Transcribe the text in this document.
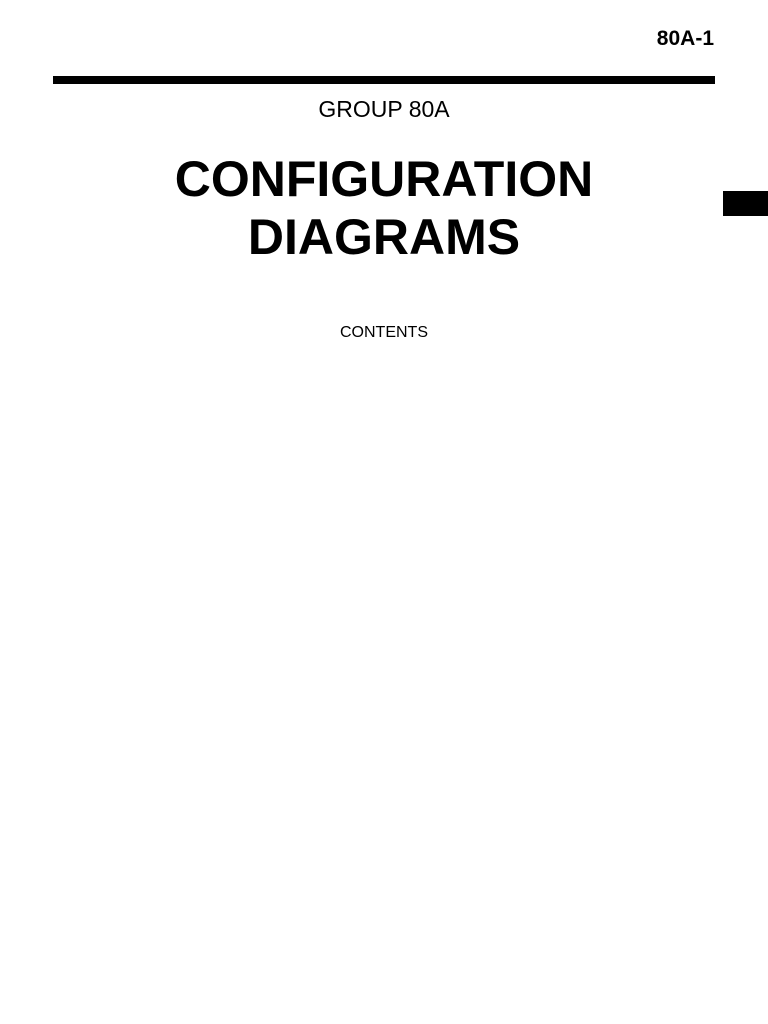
80A-1
GROUP 80A
CONFIGURATION
DIAGRAMS
CONTENTS
